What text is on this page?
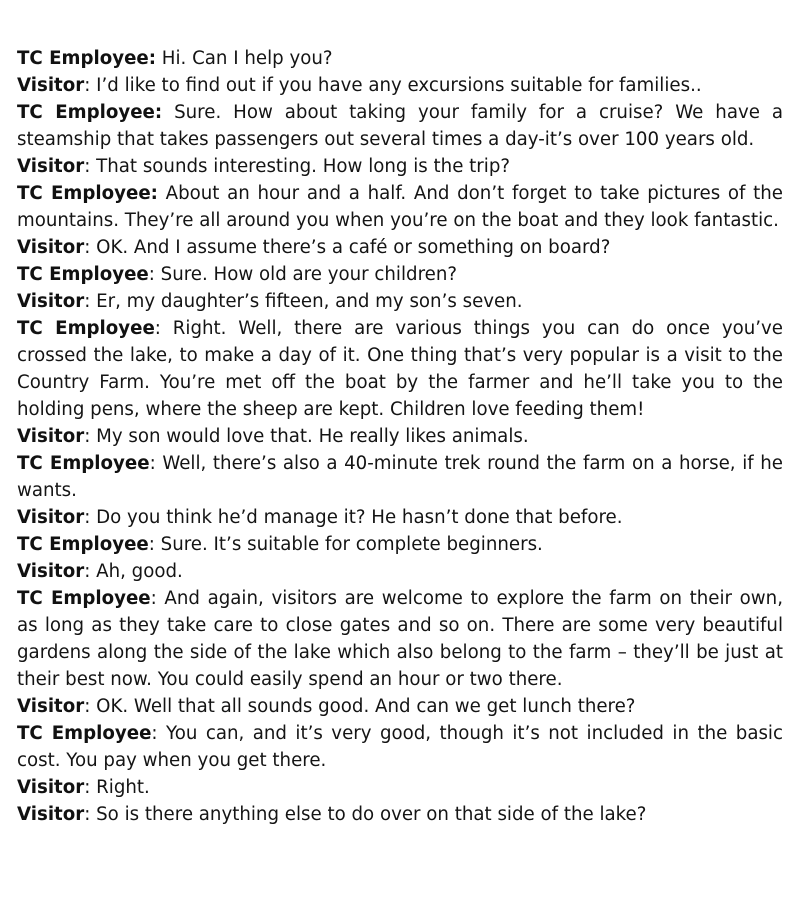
TC Employee: Hi. Can I help you?

Visitor: I’d like to find out if you have any excursions suitable for families..

TC Employee: Sure. How about taking your family for a cruise? We have a steamship that takes passengers out several times a day-it’s over 100 years old.

Visitor: That sounds interesting. How long is the trip?

TC Employee: About an hour and a half. And don’t forget to take pictures of the mountains. They’re all around you when you’re on the boat and they look fantastic.

Visitor: OK. And I assume there’s a café or something on board?

TC Employee: Sure. How old are your children?

Visitor: Er, my daughter’s fifteen, and my son’s seven.

TC Employee: Right. Well, there are various things you can do once you’ve crossed the lake, to make a day of it. One thing that’s very popular is a visit to the Country Farm. You’re met off the boat by the farmer and he’ll take you to the holding pens, where the sheep are kept. Children love feeding them!

Visitor: My son would love that. He really likes animals.

TC Employee: Well, there’s also a 40-minute trek round the farm on a horse, if he wants.

Visitor: Do you think he’d manage it? He hasn’t done that before.

TC Employee: Sure. It’s suitable for complete beginners.

Visitor: Ah, good.

TC Employee: And again, visitors are welcome to explore the farm on their own, as long as they take care to close gates and so on. There are some very beautiful gardens along the side of the lake which also belong to the farm – they’ll be just at their best now. You could easily spend an hour or two there.

Visitor: OK. Well that all sounds good. And can we get lunch there?

TC Employee: You can, and it’s very good, though it’s not included in the basic cost. You pay when you get there.

Visitor: Right.

Visitor: So is there anything else to do over on that side of the lake?
